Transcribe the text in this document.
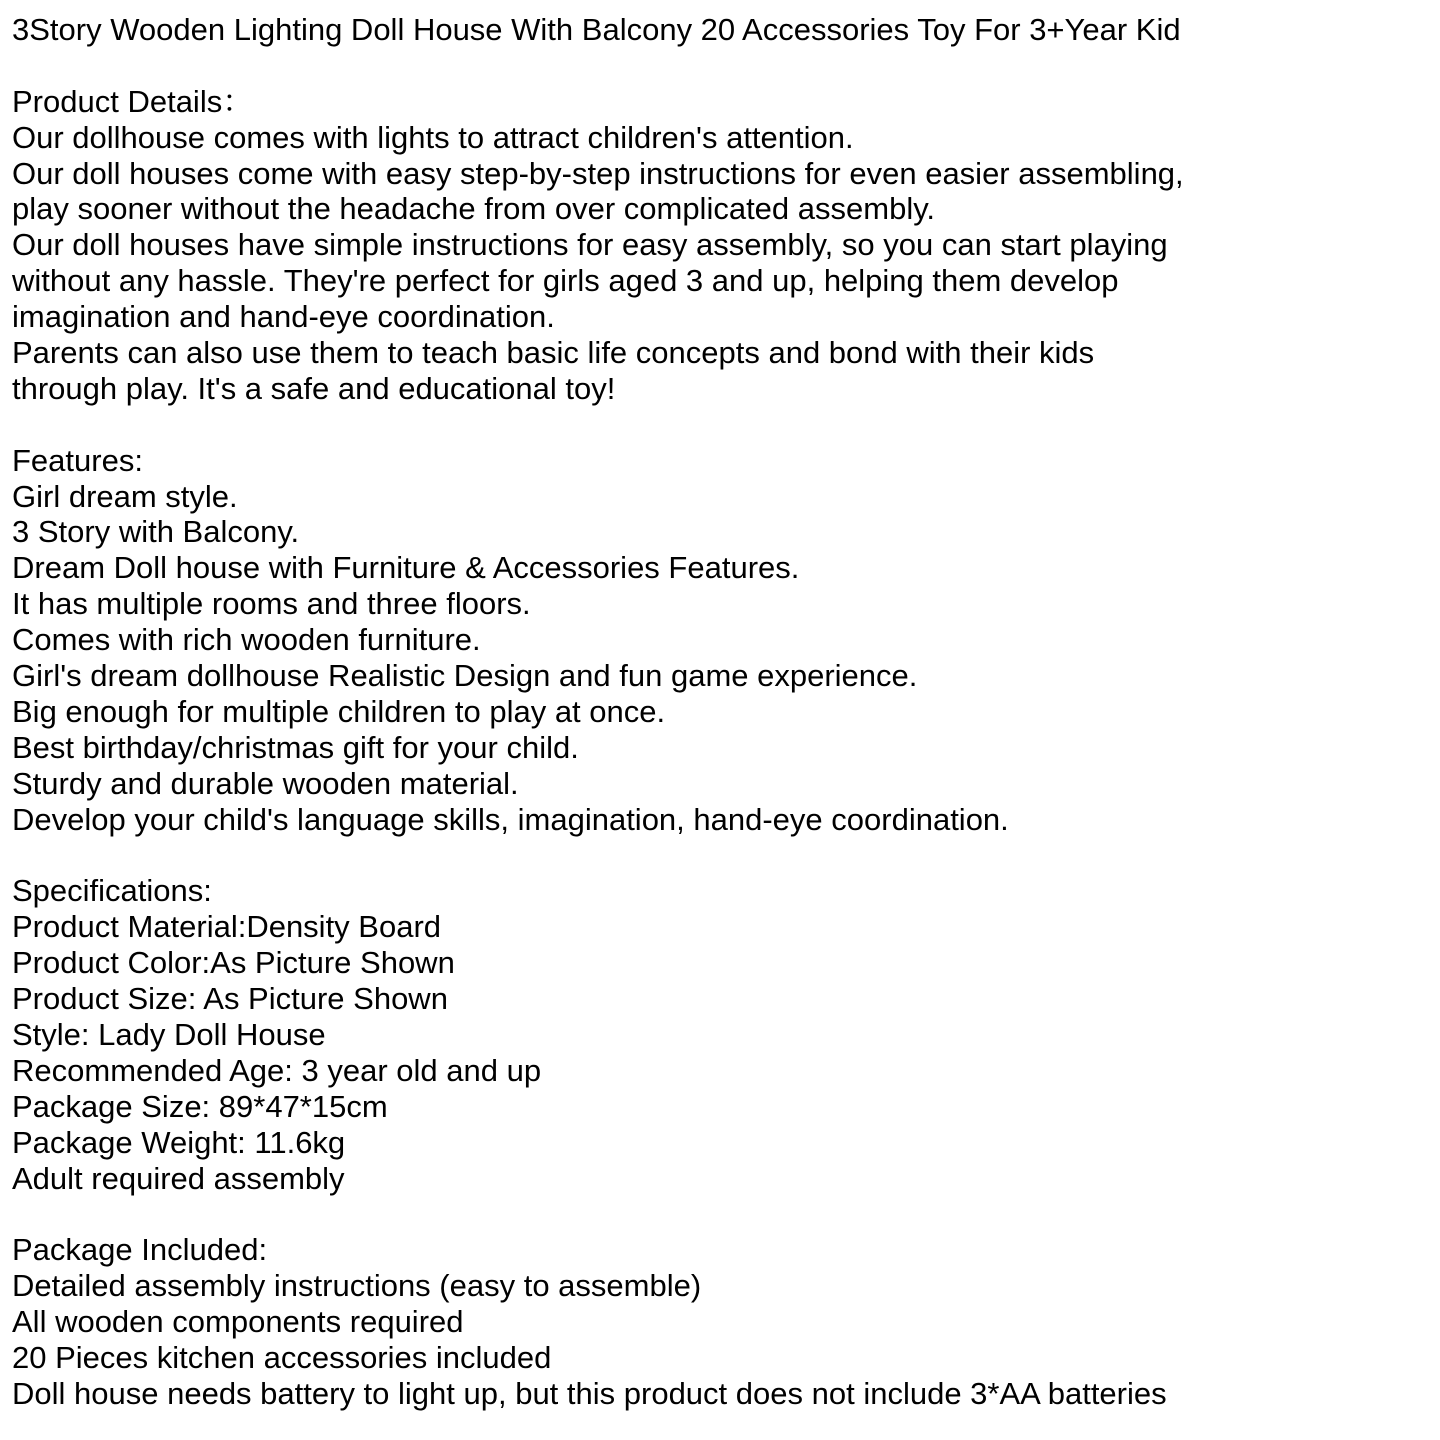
3Story Wooden Lighting Doll House With Balcony 20 Accessories Toy For 3+Year Kid
Product Details：
Our dollhouse comes with lights to attract children's attention.
Our doll houses come with easy step-by-step instructions for even easier assembling,
play sooner without the headache from over complicated assembly.
Our doll houses have simple instructions for easy assembly, so you can start playing
without any hassle. They're perfect for girls aged 3 and up, helping them develop
imagination and hand-eye coordination.
Parents can also use them to teach basic life concepts and bond with their kids
through play. It's a safe and educational toy!
Features:
Girl dream style.
3 Story with Balcony.
Dream Doll house with Furniture & Accessories Features.
It has multiple rooms and three floors.
Comes with rich wooden furniture.
Girl's dream dollhouse Realistic Design and fun game experience.
Big enough for multiple children to play at once.
Best birthday/christmas gift for your child.
Sturdy and durable wooden material.
Develop your child's language skills, imagination, hand-eye coordination.
Specifications:
Product Material:Density Board
Product Color:As Picture Shown
Product Size: As Picture Shown
Style: Lady Doll House
Recommended Age: 3 year old and up
Package Size: 89*47*15cm
Package Weight: 11.6kg
Adult required assembly
Package Included:
Detailed assembly instructions (easy to assemble)
All wooden components required
20 Pieces kitchen accessories included
Doll house needs battery to light up, but this product does not include 3*AA batteries
